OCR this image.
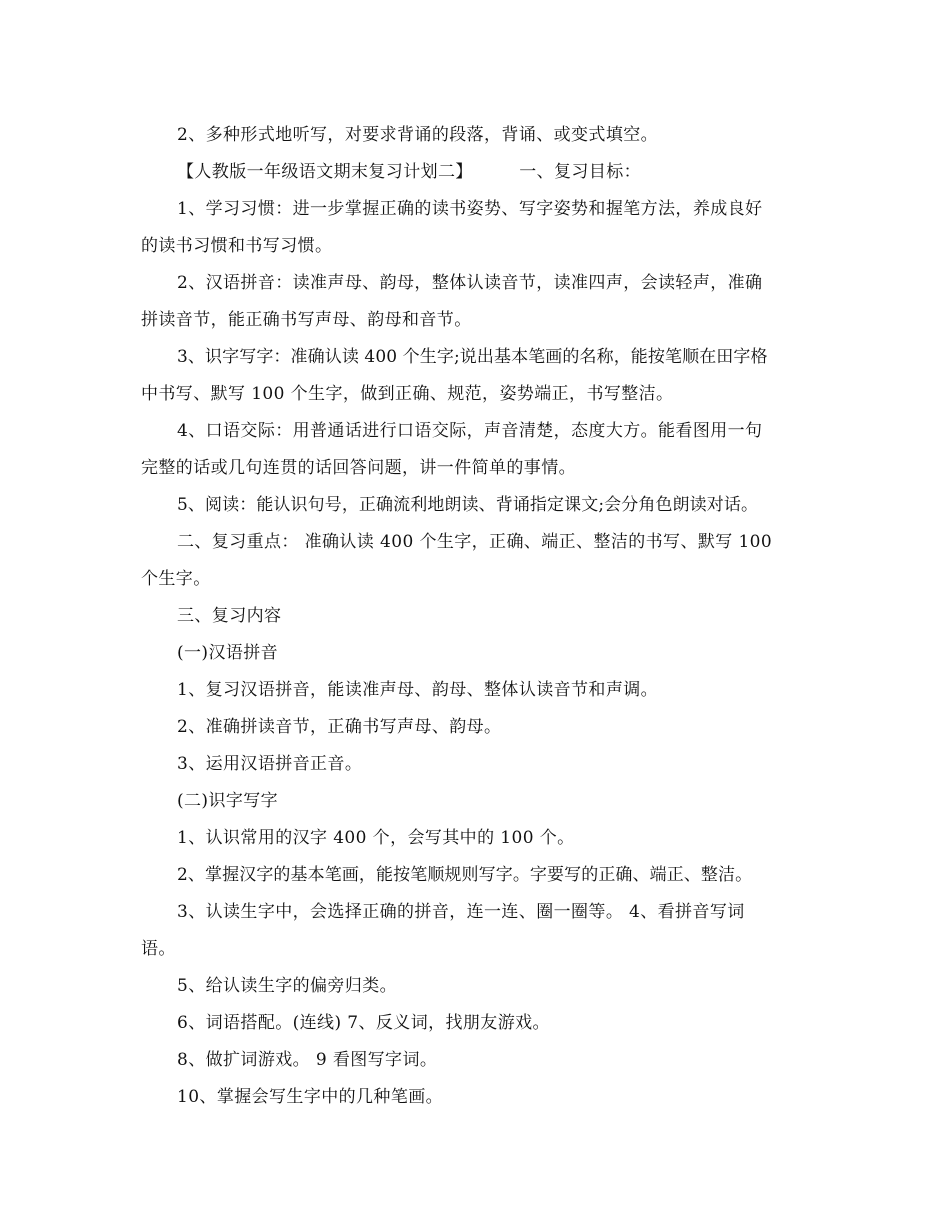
2、多种形式地听写，对要求背诵的段落，背诵、或变式填空。

【人教版一年级语文期末复习计划二】        一、复习目标：

1、学习习惯：进一步掌握正确的读书姿势、写字姿势和握笔方法，养成良好

的读书习惯和书写习惯。

2、汉语拼音：读准声母、韵母，整体认读音节，读准四声，会读轻声，准确

拼读音节，能正确书写声母、韵母和音节。

3、识字写字：准确认读 400 个生字;说出基本笔画的名称，能按笔顺在田字格

中书写、默写 100 个生字，做到正确、规范，姿势端正，书写整洁。

4、口语交际：用普通话进行口语交际，声音清楚，态度大方。能看图用一句

完整的话或几句连贯的话回答问题，讲一件简单的事情。

5、阅读：能认识句号，正确流利地朗读、背诵指定课文;会分角色朗读对话。

二、复习重点： 准确认读 400 个生字，正确、端正、整洁的书写、默写 100

个生字。

三、复习内容

(一)汉语拼音

1、复习汉语拼音，能读准声母、韵母、整体认读音节和声调。

2、准确拼读音节，正确书写声母、韵母。

3、运用汉语拼音正音。

(二)识字写字

1、认识常用的汉字 400 个，会写其中的 100 个。

2、掌握汉字的基本笔画，能按笔顺规则写字。字要写的正确、端正、整洁。

3、认读生字中，会选择正确的拼音，连一连、圈一圈等。 4、看拼音写词

语。

5、给认读生字的偏旁归类。

6、词语搭配。(连线) 7、反义词，找朋友游戏。

8、做扩词游戏。 9 看图写字词。

10、掌握会写生字中的几种笔画。
